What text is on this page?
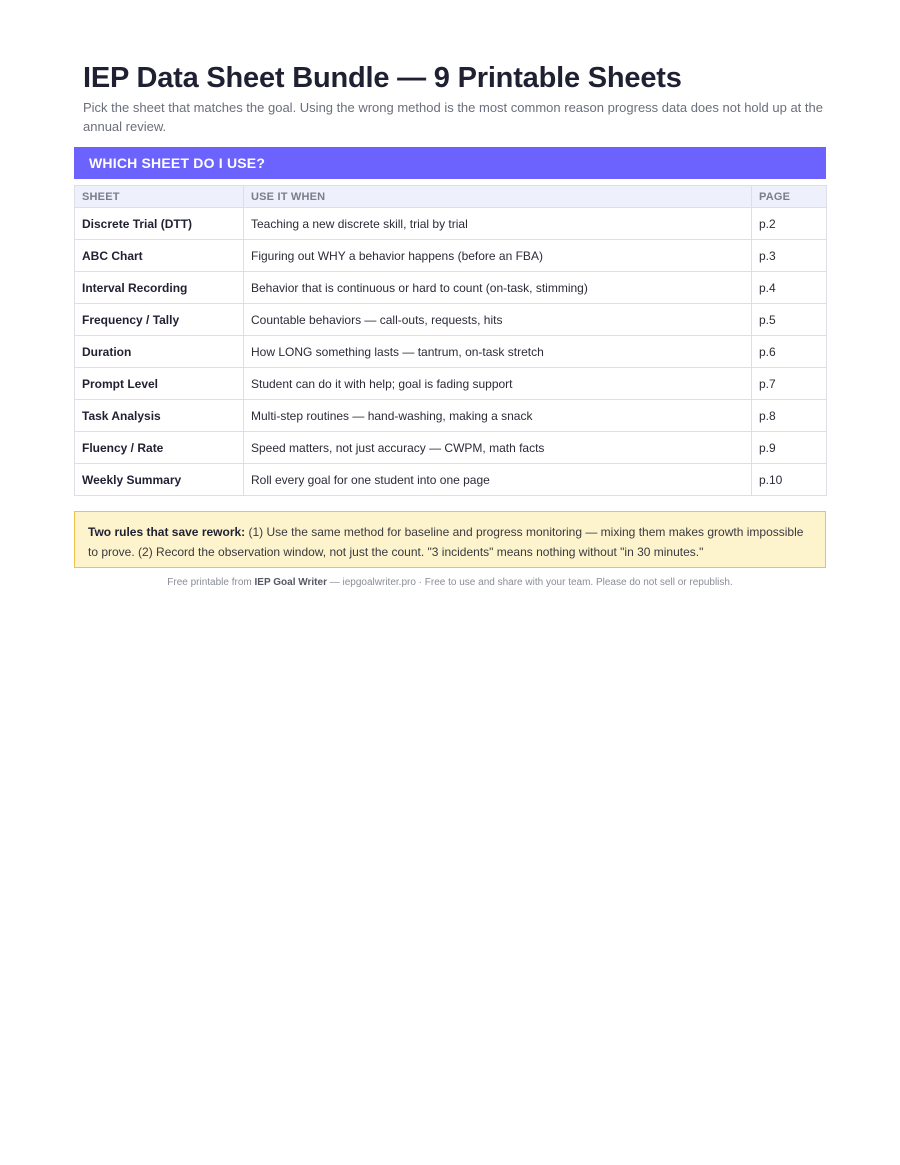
IEP Data Sheet Bundle — 9 Printable Sheets

Pick the sheet that matches the goal. Using the wrong method is the most common reason progress data does not hold up at the annual review.

WHICH SHEET DO I USE?
SHEET	USE IT WHEN	PAGE
Discrete Trial (DTT)	Teaching a new discrete skill, trial by trial	p.2
ABC Chart	Figuring out WHY a behavior happens (before an FBA)	p.3
Interval Recording	Behavior that is continuous or hard to count (on-task, stimming)	p.4
Frequency / Tally	Countable behaviors — call-outs, requests, hits	p.5
Duration	How LONG something lasts — tantrum, on-task stretch	p.6
Prompt Level	Student can do it with help; goal is fading support	p.7
Task Analysis	Multi-step routines — hand-washing, making a snack	p.8
Fluency / Rate	Speed matters, not just accuracy — CWPM, math facts	p.9
Weekly Summary	Roll every goal for one student into one page	p.10
Two rules that save rework: (1) Use the same method for baseline and progress monitoring — mixing them makes growth impossible to prove. (2) Record the observation window, not just the count. "3 incidents" means nothing without "in 30 minutes."

Free printable from IEP Goal Writer — iepgoalwriter.pro · Free to use and share with your team. Please do not sell or republish.
